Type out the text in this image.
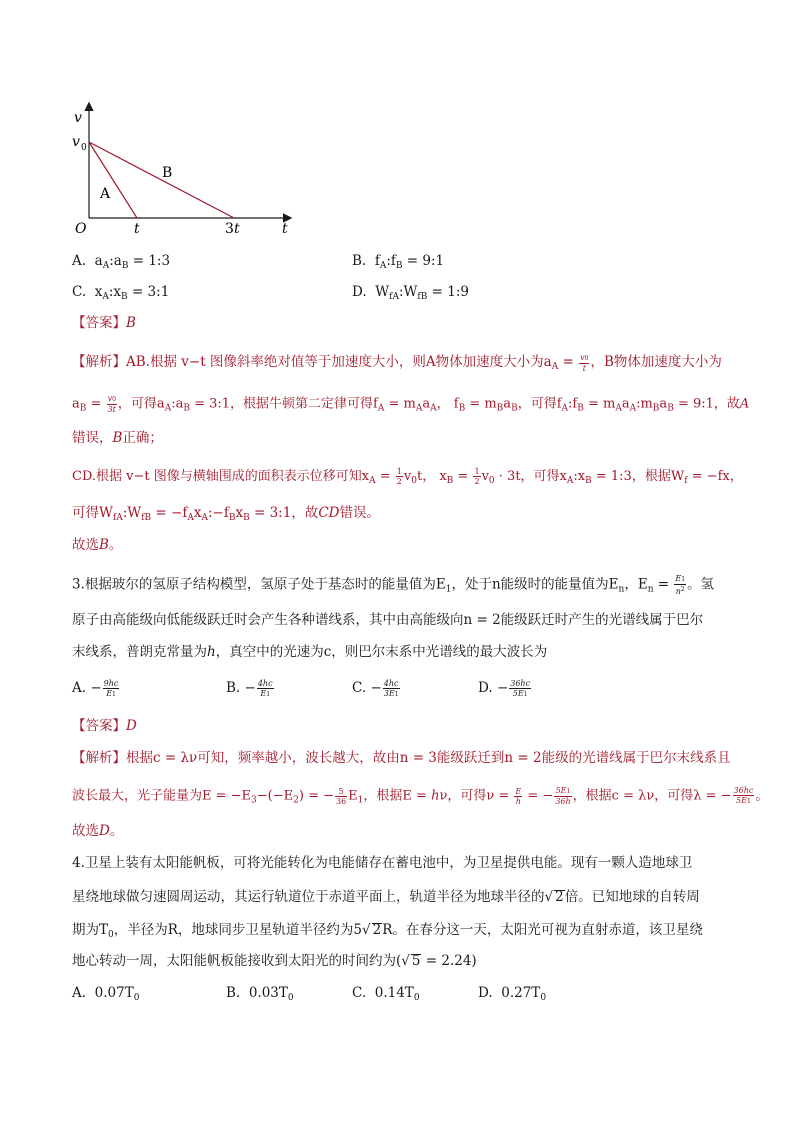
v
v 0
O	t	3 t	t
A
B
A. $a_A:a_B$ = 1:3	B. $f_A:f_B$ = 9:1
C. $x_A:x_B$ = 3:1	D. $W_{fA}:W_{fB}$ = 1:9
【答案】B
【解析】AB.根据 v−t 图像斜率绝对值等于加速度大小，则A物体加速度大小为$a_A = \frac{v0}{t}$ ，B物体加速度大小为
$a_B = \frac{v0}{3t}$ ，可得$a_A:a_B$ = 3:1，根据牛顿第二定律可得$f_A = m_Aa_A$， $f_B = m_Ba_B$，可得$f_A:f_B$ = $m_Aa_A:m_Ba_B$ = 9:1，故A
错误，B正确；
CD.根据 v−t 图像与横轴围成的面积表示位移可知$x_A = \frac{1}{2} v_0t$， $x_B = \frac{1}{2} v_0 \cdot 3t$，可得$x_A:x_B$ = 1:3，根据$W_f = -fx$，
可得$W_{fA}:W_{fB}$ = $-f_Ax_A:-f_Bx_B$ = 3:1，故CD错误。
故选B。
3.根据玻尔的氢原子结构模型，氢原子处于基态时的能量值为$E_1$，处于n能级时的能量值为$E_n$，$E_n = \frac{E1}{n^2}$ 。氢
原子由高能级向低能级跃迁时会产生各种谱线系，其中由高能级向n = 2能级跃迁时产生的光谱线属于巴尔
末线系，普朗克常量为h，真空中的光速为c，则巴尔末系中光谱线的最大波长为
A. − $\frac{9hc}{E1}$	B. − $\frac{4hc}{E1}$	C. − $\frac{4hc}{3E1}$	D. − $\frac{36hc}{5E1}$
【答案】D
【解析】根据c = λν可知，频率越小，波长越大，故由n = 3能级跃迁到n = 2能级的光谱线属于巴尔末线系且
波长最大，光子能量为$E = -E_3-(-E_2)$ = − $\frac{5}{36} E_1$，根据E = hν，可得$\nu = \frac{E}{h}$ = − $\frac{5E1}{36h}$ ，根据c = λν，可得λ = − $\frac{36hc}{5E1}$ 。
故选D。
4.卫星上装有太阳能帆板，可将光能转化为电能储存在蓄电池中，为卫星提供电能。现有一颗人造地球卫
星绕地球做匀速圆周运动，其运行轨道位于赤道平面上，轨道半径为地球半径的√ 2倍。已知地球的自转周
期为$T_0$，半径为R，地球同步卫星轨道半径约为5√ 2R。在春分这一天，太阳光可视为直射赤道，该卫星绕
地心转动一周，太阳能帆板能接收到太阳光的时间约为(√ 5 = 2.24)
A. $0.07T_0$	B. $0.03T_0$	C. $0.14T_0$	D. $0.27T_0$
